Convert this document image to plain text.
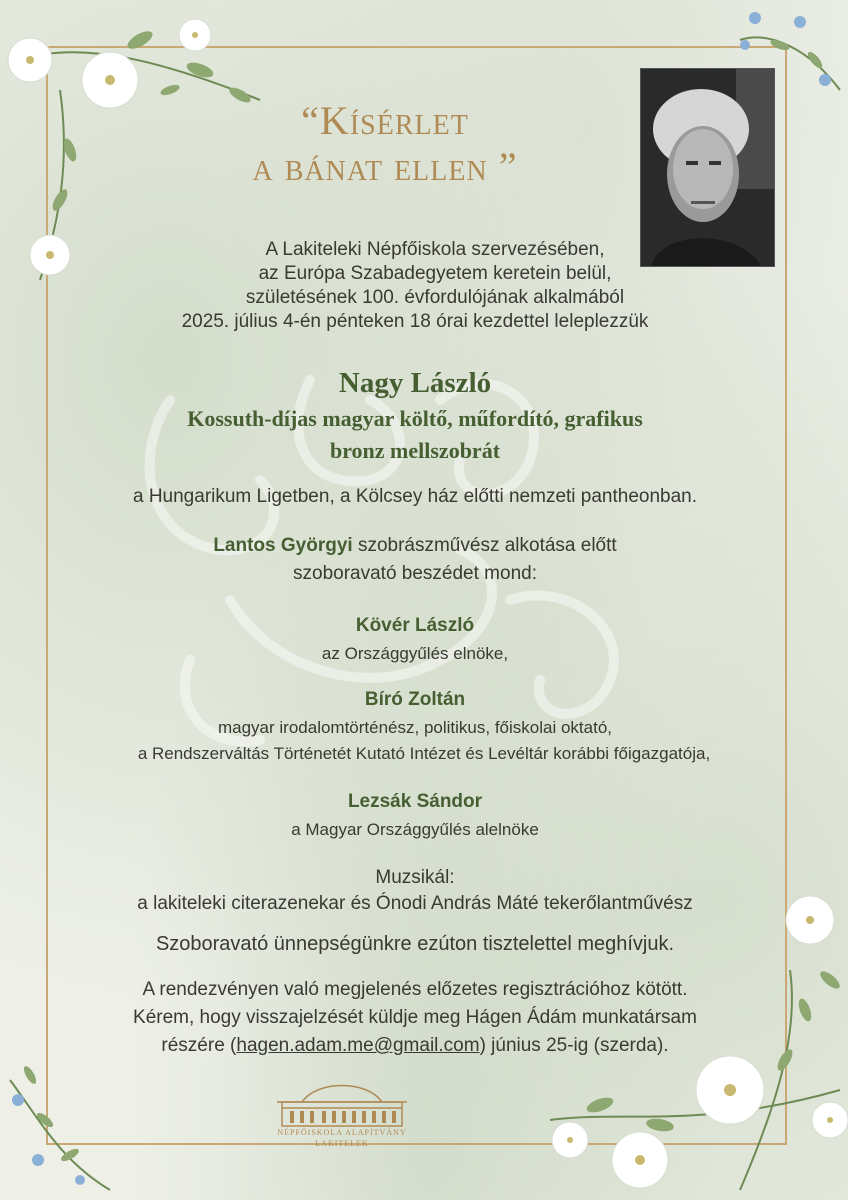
“Kísérlet
a bánat ellen ”
A Lakiteleki Népfőiskola szervezésében,
az Európa Szabadegyetem keretein belül,
születésének 100. évfordulójának alkalmából
2025. július 4-én pénteken 18 órai kezdettel leleplezzük
Nagy László
Kossuth-díjas magyar költő, műfordító, grafikus
bronz mellszobrát
a Hungarikum Ligetben, a Kölcsey ház előtti nemzeti pantheonban.
Lantos Györgyi szobrászművész alkotása előtt
szoboravató beszédet mond:
Kövér László
az Országgyűlés elnöke,
Bíró Zoltán
magyar irodalomtörténész, politikus, főiskolai oktató,
a Rendszerváltás Történetét Kutató Intézet és Levéltár korábbi főigazgatója,
Lezsák Sándor
a Magyar Országgyűlés alelnöke
Muzsikál:
a lakiteleki citerazenekar és Ónodi András Máté tekerőlantművész
Szoboravató ünnepségünkre ezúton tisztelettel meghívjuk.
A rendezvényen való megjelenés előzetes regisztrációhoz kötött.
Kérem, hogy visszajelzését küldje meg Hágen Ádám munkatársam
részére (hagen.adam.me@gmail.com) június 25-ig (szerda).
NÉPFŐISKOLA ALAPÍTVÁNY
LAKITELEK
